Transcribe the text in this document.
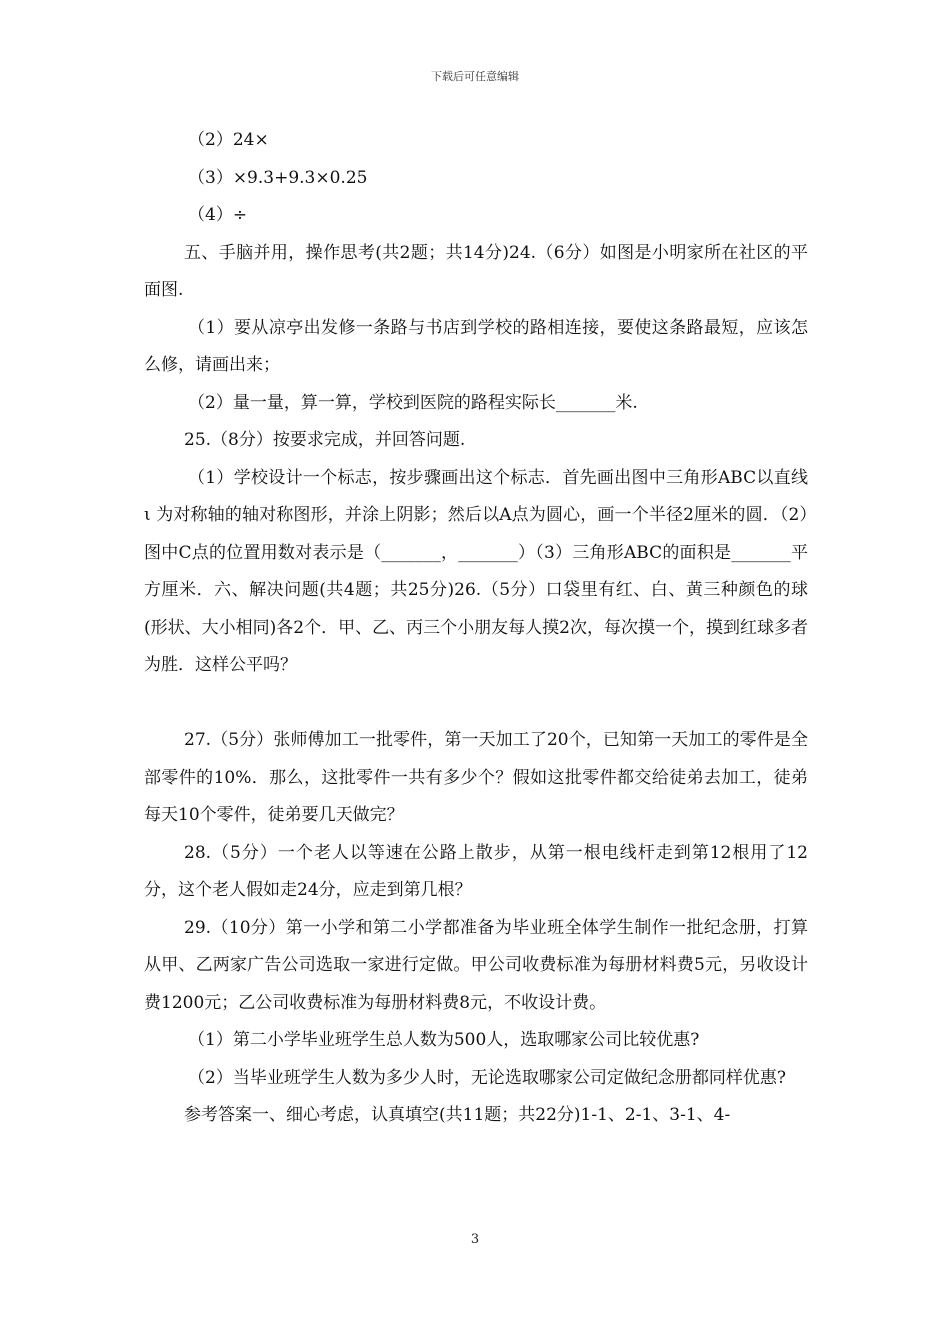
下载后可任意编辑

（2）24×

（3）×9.3+9.3×0.25

（4）÷

五、手脑并用，操作思考(共2题；共14分)24.（6分）如图是小明家所在社区的平面图.

（1）要从凉亭出发修一条路与书店到学校的路相连接，要使这条路最短，应该怎么修，请画出来；

（2）量一量，算一算，学校到医院的路程实际长_______米.

25.（8分）按要求完成，并回答问题.

（1）学校设计一个标志，按步骤画出这个标志．首先画出图中三角形ABC以直线 ι 为对称轴的轴对称图形，并涂上阴影；然后以A点为圆心，画一个半径2厘米的圆．（2）图中C点的位置用数对表示是（_______，_______）（3）三角形ABC的面积是_______平方厘米．六、解决问题(共4题；共25分)26.（5分）口袋里有红、白、黄三种颜色的球(形状、大小相同)各2个．甲、乙、丙三个小朋友每人摸2次，每次摸一个，摸到红球多者为胜．这样公平吗？

27.（5分）张师傅加工一批零件，第一天加工了20个，已知第一天加工的零件是全部零件的10%．那么，这批零件一共有多少个？假如这批零件都交给徒弟去加工，徒弟每天10个零件，徒弟要几天做完？

28.（5分）一个老人以等速在公路上散步，从第一根电线杆走到第12根用了12分，这个老人假如走24分，应走到第几根？

29.（10分）第一小学和第二小学都准备为毕业班全体学生制作一批纪念册，打算从甲、乙两家广告公司选取一家进行定做。甲公司收费标准为每册材料费5元，另收设计费1200元；乙公司收费标准为每册材料费8元，不收设计费。

（1）第二小学毕业班学生总人数为500人，选取哪家公司比较优惠?

（2）当毕业班学生人数为多少人时，无论选取哪家公司定做纪念册都同样优惠?

参考答案一、细心考虑，认真填空(共11题；共22分)1-1、2-1、3-1、4-

3
